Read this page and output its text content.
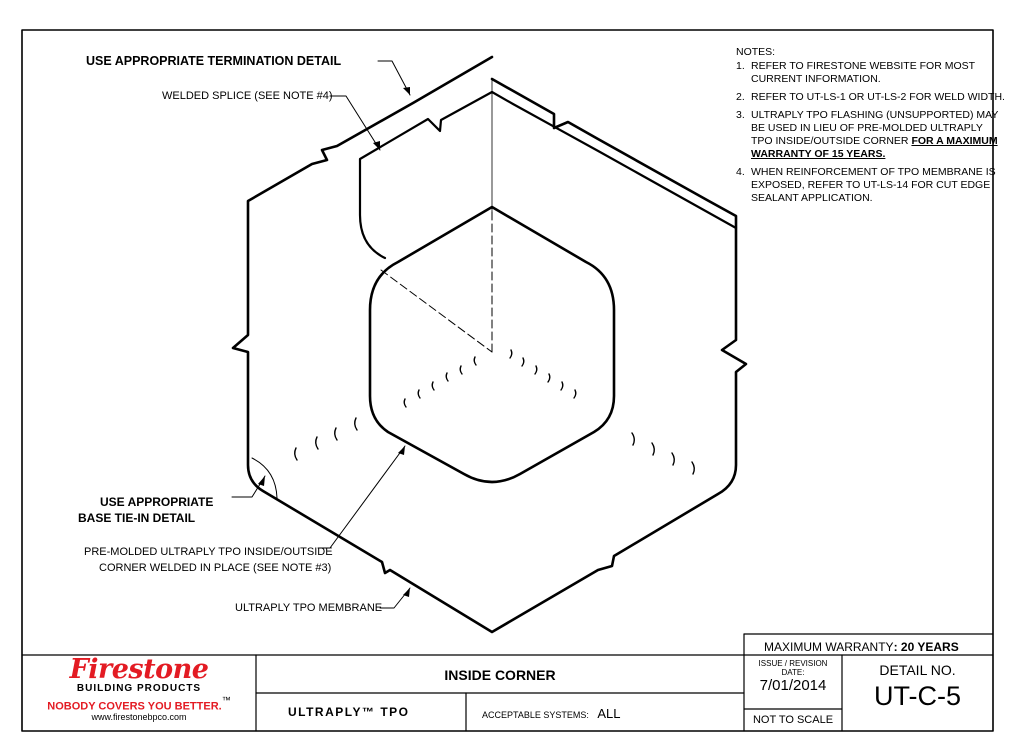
USE APPROPRIATE TERMINATION DETAIL
WELDED SPLICE (SEE NOTE #4)
USE APPROPRIATE
BASE TIE-IN DETAIL
PRE-MOLDED ULTRAPLY TPO INSIDE/OUTSIDE
CORNER WELDED IN PLACE (SEE NOTE #3)
ULTRAPLY TPO MEMBRANE
NOTES:
1. REFER TO FIRESTONE WEBSITE FOR MOST CURRENT INFORMATION.
2. REFER TO UT-LS-1 OR UT-LS-2 FOR WELD WIDTH.
3. ULTRAPLY TPO FLASHING (UNSUPPORTED) MAY BE USED IN LIEU OF PRE-MOLDED ULTRAPLY TPO INSIDE/OUTSIDE CORNER FOR A MAXIMUM WARRANTY OF 15 YEARS.
4. WHEN REINFORCEMENT OF TPO MEMBRANE IS EXPOSED, REFER TO UT-LS-14 FOR CUT EDGE SEALANT APPLICATION.
MAXIMUM WARRANTY: 20 YEARS
Firestone
BUILDING PRODUCTS
NOBODY COVERS YOU BETTER.™
www.firestonebpco.com
INSIDE CORNER
ULTRAPLY™ TPO	ACCEPTABLE SYSTEMS: ALL
ISSUE / REVISION
DATE:
7/01/2014
NOT TO SCALE
DETAIL NO.
UT-C-5
